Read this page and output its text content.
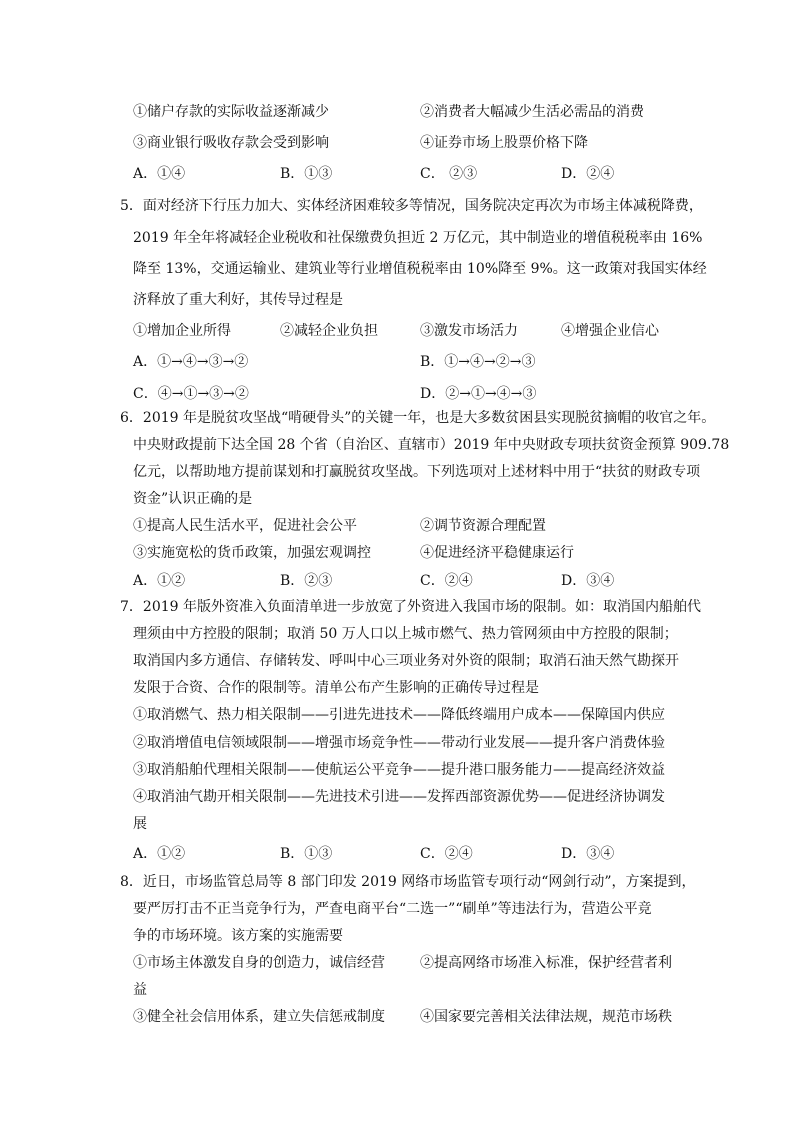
①储户存款的实际收益逐渐减少	②消费者大幅减少生活必需品的消费
③商业银行吸收存款会受到影响	④证券市场上股票价格下降
A．①④	B．①③	C． ②③	D．②④
5．面对经济下行压力加大、实体经济困难较多等情况，国务院决定再次为市场主体减税降费，
2019 年全年将减轻企业税收和社保缴费负担近 2 万亿元，其中制造业的增值税税率由 16%
降至 13%，交通运输业、建筑业等行业增值税税率由 10%降至 9%。这一政策对我国实体经
济释放了重大利好，其传导过程是
①增加企业所得	②减轻企业负担	③激发市场活力	④增强企业信心
A．①→④→③→②	B．①→④→②→③
C．④→①→③→②	D．②→①→④→③
6．2019 年是脱贫攻坚战“啃硬骨头”的关键一年，也是大多数贫困县实现脱贫摘帽的收官之年。
中央财政提前下达全国 28 个省（自治区、直辖市）2019 年中央财政专项扶贫资金预算 909.78
亿元，以帮助地方提前谋划和打赢脱贫攻坚战。下列选项对上述材料中用于“扶贫的财政专项
资金”认识正确的是
①提高人民生活水平，促进社会公平	②调节资源合理配置
③实施宽松的货币政策，加强宏观调控	④促进经济平稳健康运行
A．①②	B．②③	C．②④	D．③④
7．2019 年版外资准入负面清单进一步放宽了外资进入我国市场的限制。如：取消国内船舶代
理须由中方控股的限制；取消 50 万人口以上城市燃气、热力管网须由中方控股的限制；
取消国内多方通信、存储转发、呼叫中心三项业务对外资的限制；取消石油天然气勘探开
发限于合资、合作的限制等。清单公布产生影响的正确传导过程是
①取消燃气、热力相关限制——引进先进技术——降低终端用户成本——保障国内供应
②取消增值电信领域限制——增强市场竞争性——带动行业发展——提升客户消费体验
③取消船舶代理相关限制——使航运公平竞争——提升港口服务能力——提高经济效益
④取消油气勘开相关限制——先进技术引进——发挥西部资源优势——促进经济协调发
展
A．①②	B．①③	C．②④	D．③④
8．近日，市场监管总局等 8 部门印发 2019 网络市场监管专项行动“网剑行动”，方案提到，
要严厉打击不正当竞争行为，严查电商平台“二选一”“刷单”等违法行为，营造公平竞
争的市场环境。该方案的实施需要
①市场主体激发自身的创造力，诚信经营	②提高网络市场准入标准，保护经营者利
益
③健全社会信用体系，建立失信惩戒制度	④国家要完善相关法律法规，规范市场秩
